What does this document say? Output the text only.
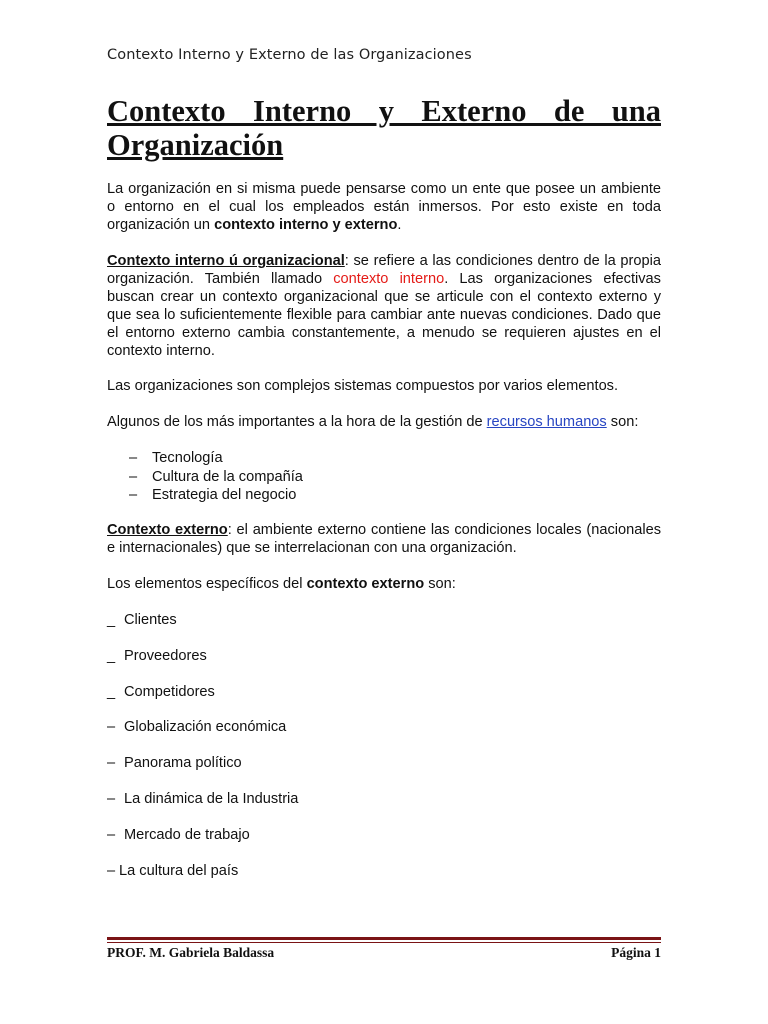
Contexto Interno y Externo de las Organizaciones
Contexto Interno y Externo de una Organización

La organización en si misma puede pensarse como un ente que posee un ambiente o entorno en el cual los empleados están inmersos. Por esto existe en toda organización un contexto interno y externo.

Contexto interno ú organizacional: se refiere a las condiciones dentro de la propia organización. También llamado contexto interno. Las organizaciones efectivas buscan crear un contexto organizacional que se articule con el contexto externo y que sea lo suficientemente flexible para cambiar ante nuevas condiciones. Dado que el entorno externo cambia constantemente, a menudo se requieren ajustes en el contexto interno.

Las organizaciones son complejos sistemas compuestos por varios elementos.

Algunos de los más importantes a la hora de la gestión de recursos humanos son:

– Tecnología
– Cultura de la compañía
– Estrategia del negocio

Contexto externo: el ambiente externo contiene las condiciones locales (nacionales e internacionales) que se interrelacionan con una organización.

Los elementos específicos del contexto externo son:

_ Clientes
_ Proveedores
_ Competidores
– Globalización económica
– Panorama político
– La dinámica de la Industria
– Mercado de trabajo
– La cultura del país
PROF. M. Gabriela Baldassa	Página 1
